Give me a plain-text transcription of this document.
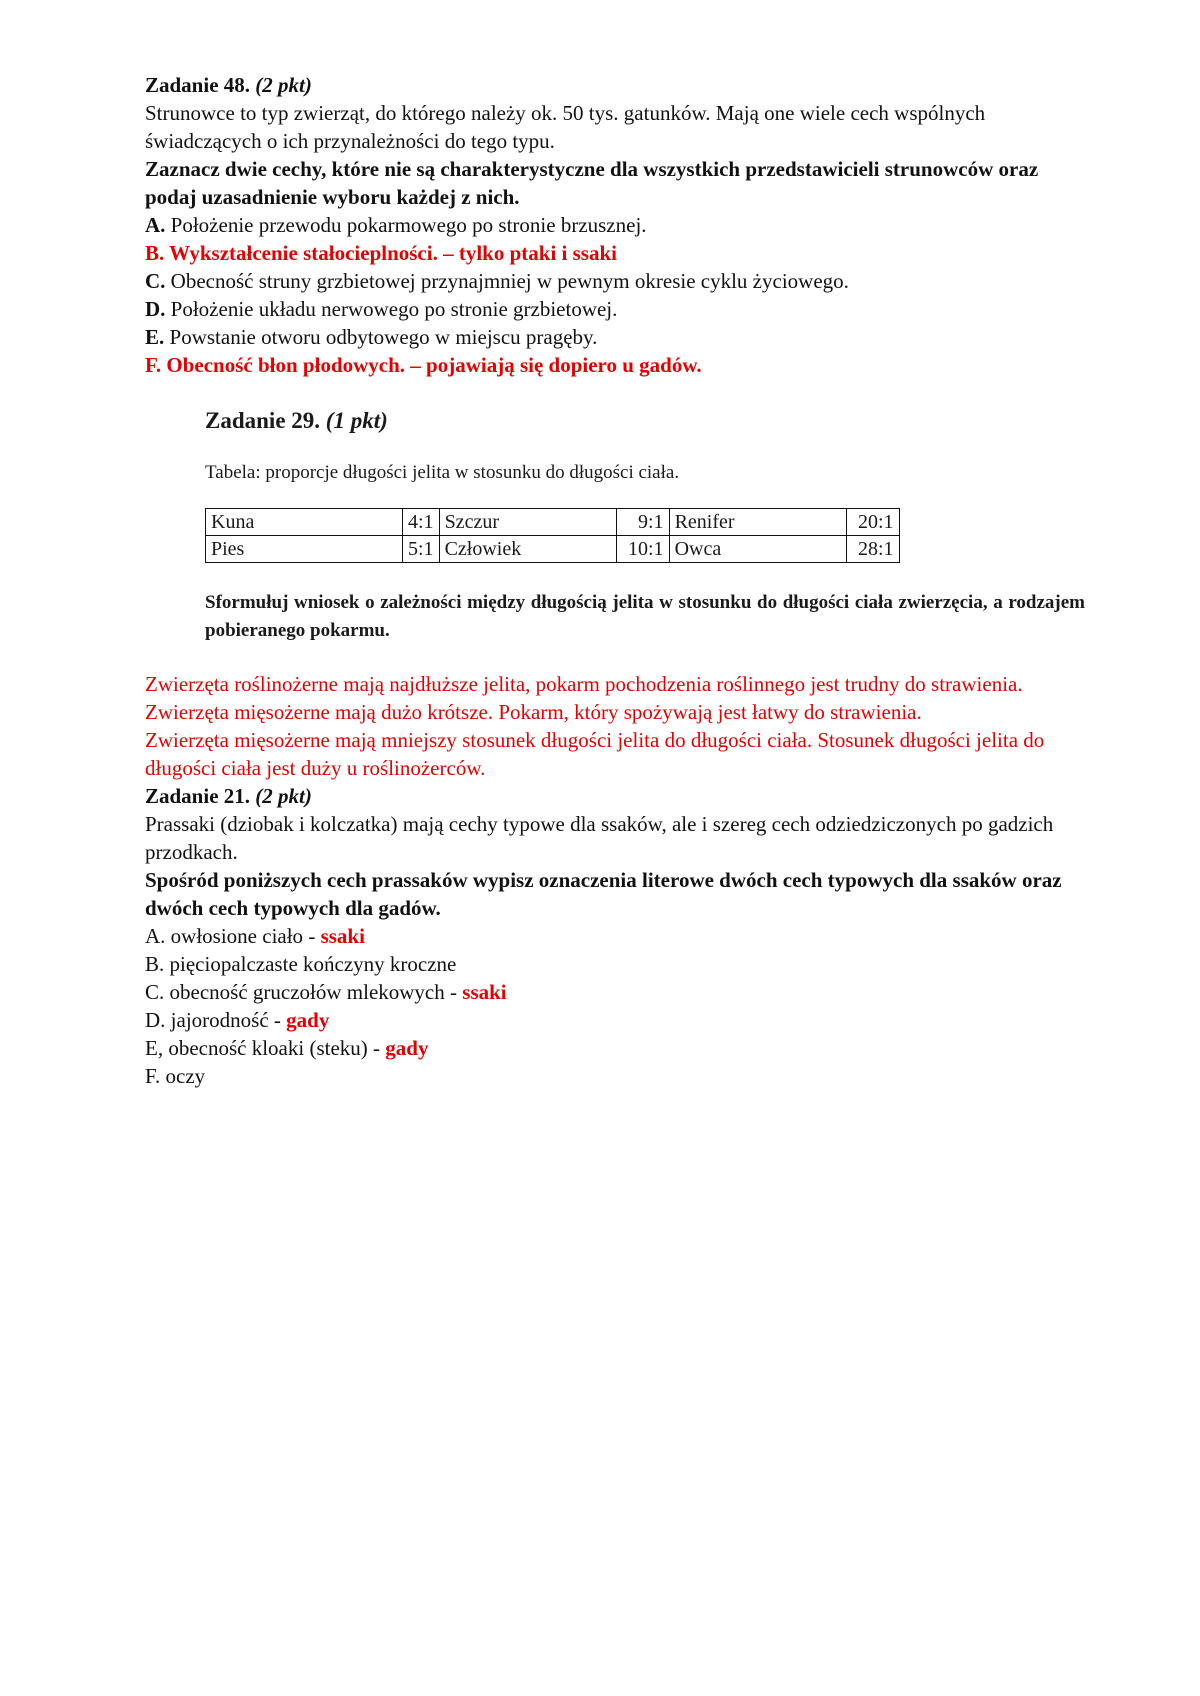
Zadanie 48. (2 pkt)

Strunowce to typ zwierząt, do którego należy ok. 50 tys. gatunków. Mają one wiele cech wspólnych świadczących o ich przynależności do tego typu.

Zaznacz dwie cechy, które nie są charakterystyczne dla wszystkich przedstawicieli strunowców oraz podaj uzasadnienie wyboru każdej z nich.

A. Położenie przewodu pokarmowego po stronie brzusznej.

B. Wykształcenie stałocieplności. – tylko ptaki i ssaki

C. Obecność struny grzbietowej przynajmniej w pewnym okresie cyklu życiowego.

D. Położenie układu nerwowego po stronie grzbietowej.

E. Powstanie otworu odbytowego w miejscu pragęby.

F. Obecność błon płodowych. – pojawiają się dopiero u gadów.

Zadanie 29. (1 pkt)
Tabela: proporcje długości jelita w stosunku do długości ciała.
Kuna	4:1	Szczur	9:1	Renifer	20:1
Pies	5:1	Człowiek	10:1	Owca	28:1
Sformułuj wniosek o zależności między długością jelita w stosunku do długości ciała zwierzęcia, a rodzajem pobieranego pokarmu.

Zwierzęta roślinożerne mają najdłuższe jelita, pokarm pochodzenia roślinnego jest trudny do strawienia. Zwierzęta mięsożerne mają dużo krótsze. Pokarm, który spożywają jest łatwy do strawienia.

Zwierzęta mięsożerne mają mniejszy stosunek długości jelita do długości ciała. Stosunek długości jelita do długości ciała jest duży u roślinożerców.

Zadanie 21. (2 pkt)

Prassaki (dziobak i kolczatka) mają cechy typowe dla ssaków, ale i szereg cech odziedziczonych po gadzich przodkach.

Spośród poniższych cech prassaków wypisz oznaczenia literowe dwóch cech typowych dla ssaków oraz dwóch cech typowych dla gadów.

A. owłosione ciało - ssaki

B. pięciopalczaste kończyny kroczne

C. obecność gruczołów mlekowych - ssaki

D. jajorodność - gady

E, obecność kloaki (steku) - gady

F. oczy
